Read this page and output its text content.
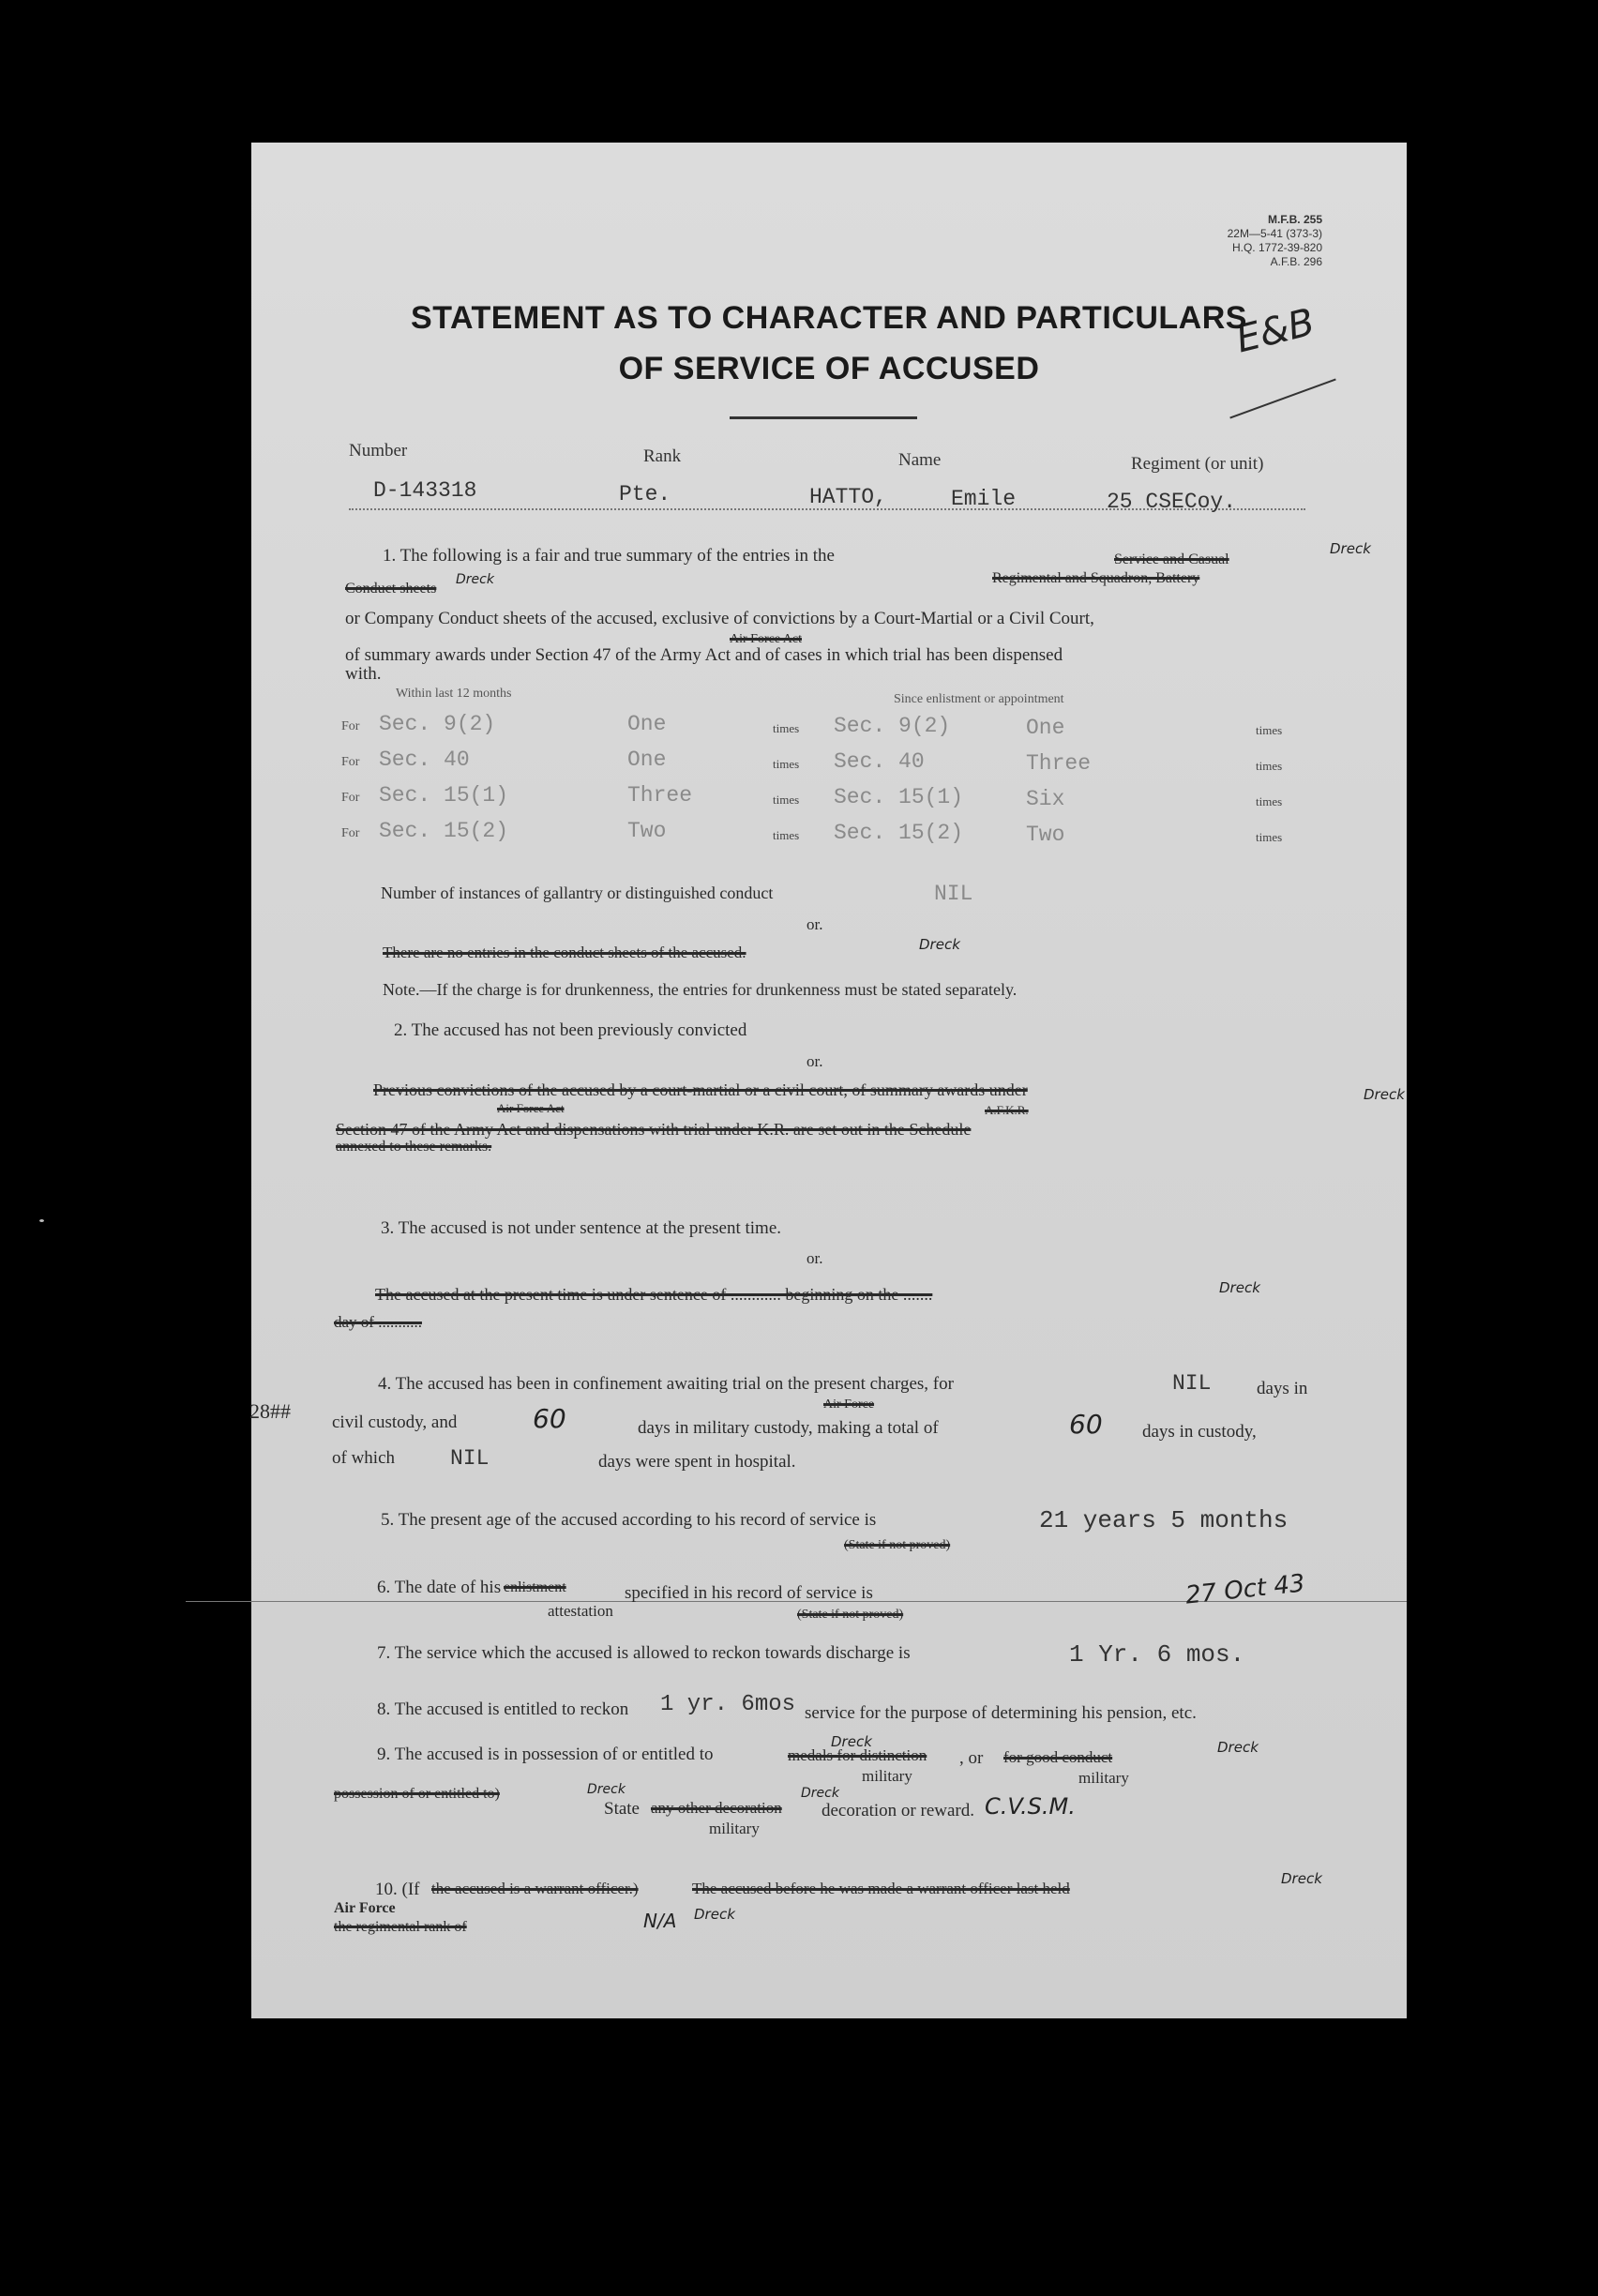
M.F.B. 255
22M—5-41 (373-3)
H.Q. 1772-39-820
A.F.B. 296
E&B
STATEMENT AS TO CHARACTER AND PARTICULARS
OF SERVICE OF ACCUSED
Number	Rank	Name	Regiment (or unit)
D-143318	Pte.	HATTO,	Emile	25 CSECoy.
1. The following is a fair and true summary of the entries in the	Service and Casual
Dreck
Regimental and Squadron, Battery
Conduct sheets
Dreck
or Company Conduct sheets of the accused, exclusive of convictions by a Court-Martial or a Civil Court,
Air Force Act
of summary awards under Section 47 of the Army Act and of cases in which trial has been dispensed
with.
Within last 12 months	Since enlistment or appointment
For Sec. 9(2)	One	times Sec. 9(2)	One	times
For Sec. 40	One	times Sec. 40	Three	times
For Sec. 15(1)	Three	times Sec. 15(1)	Six	times
For Sec. 15(2)	Two	times Sec. 15(2)	Two	times
Number of instances of gallantry or distinguished conduct	NIL
or.
There are no entries in the conduct sheets of the accused.	Dreck
Note.—If the charge is for drunkenness, the entries for drunkenness must be stated separately.
2. The accused has not been previously convicted
or.
Previous convictions of the accused by a court-martial or a civil court, of summary awards under
Air Force Act	A.F.K.R.
Section 47 of the Army Act and dispensations with trial under K.R. are set out in the Schedule
annexed to these remarks.
Dreck
3. The accused is not under sentence at the present time.
or.
The accused at the present time is under sentence of ............ beginning on the .......
day of ...........
Dreck
4. The accused has been in confinement awaiting trial on the present charges, for	NIL	days in
Air Force
28## civil custody, and	60	days in military custody, making a total of	60 days in custody,
of which	NIL	days were spent in hospital.
5. The present age of the accused according to his record of service is	21 years 5 months
(State if not proved)
6. The date of his enlistment	specified in his record of service is
attestation	(State if not proved)
27 Oct 43
7. The service which the accused is allowed to reckon towards discharge is	1 Yr. 6 mos.
8. The accused is entitled to reckon 1 yr. 6mos service for the purpose of determining his pension, etc.
9. The accused is in possession of or entitled to	medals for distinction , or for good conduct
military	military
possession of or entitled to)
State any other decoration decoration or reward. C.V.S.M.
military
Dreck	Dreck
Dreck	Dreck
10. (If the accused is a warrant officer.)	The accused before he was made a warrant officer last held
Air Force
the regimental rank of	N/A
Dreck
Dreck
